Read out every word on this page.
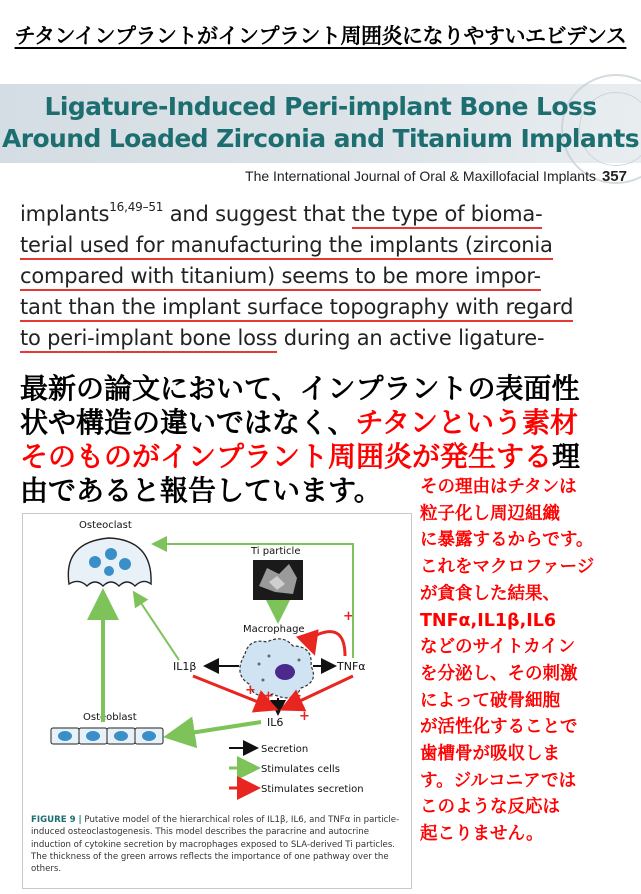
チタンインプラントがインプラント周囲炎になりやすいエビデンス
Ligature-Induced Peri-implant Bone Loss
Around Loaded Zirconia and Titanium Implants
The International Journal of Oral & Maxillofacial Implants 357
implants$^{16,49-51}$ and suggest that the type of bioma-
terial used for manufacturing the implants (zirconia
compared with titanium) seems to be more impor-
tant than the implant surface topography with regard
to peri-implant bone loss during an active ligature-
最新の論文において、インプラントの表面性
状や構造の違いではなく、チタンという素材
そのものがインプラント周囲炎が発生する理
由であると報告しています。 その理由はチタンは
粒子化し周辺組織
に暴露するからです。
これをマクロファージ
が貪食した結果、
TNFα,IL1β,IL6
などのサイトカイン
を分泌し、その刺激
によって破骨細胞
が活性化することで
歯槽骨が吸収しま
す。ジルコニアでは
このような反応は
起こりません。
Osteoclast
Ti particle
Macrophage
IL1β	TNFα
+
+ + +
+
IL6
Osteoblast
Secretion
Stimulates cells
Stimulates secretion
FIGURE 9 | Putative model of the hierarchical roles of IL1β, IL6, and TNFα in particle-induced osteoclastogenesis. This model describes the paracrine and autocrine induction of cytokine secretion by macrophages exposed to SLA-derived Ti particles. The thickness of the green arrows reflects the importance of one pathway over the others.
